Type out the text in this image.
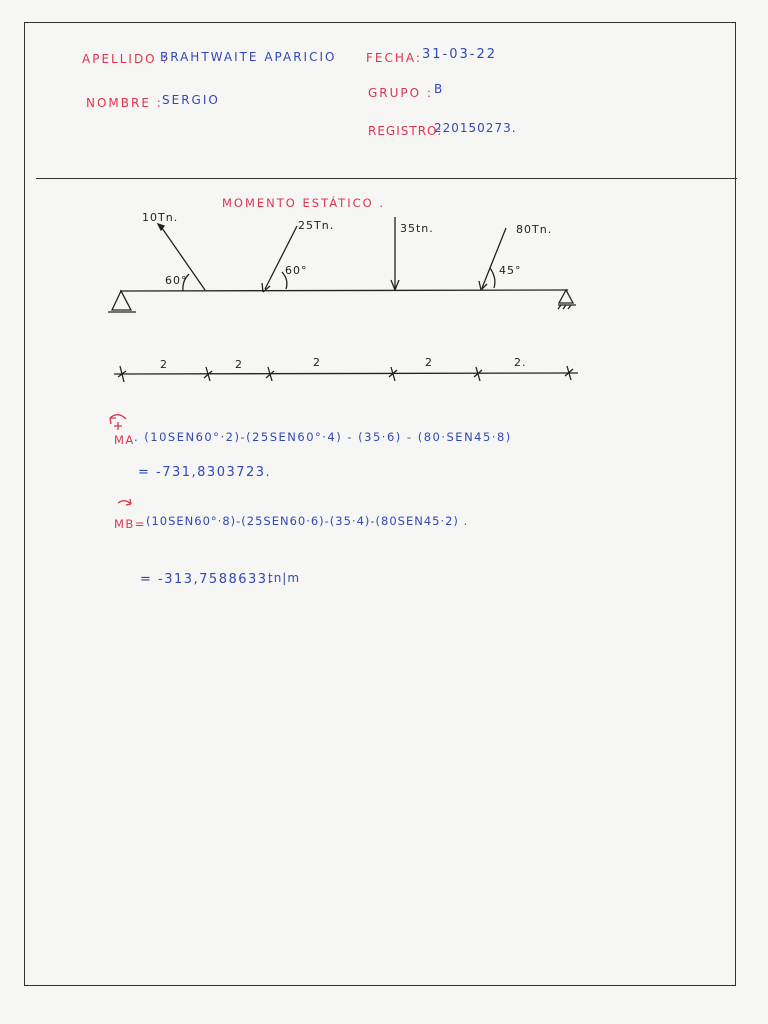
APELLIDO :
BRAHTWAITE APARICIO
NOMBRE : SERGIO
FECHA: 31-03-22
GRUPO : B
REGISTRO:
220150273.
MOMENTO ESTÁTICO .
10Tn.
25Tn.	35tn.	80Tn.
60°
60°	45°
2	2	2	2	2.
MA . (10SEN60°·2)-(25SEN60°·4) - (35·6) - (80·SEN45·8)
= -731,8303723.
MB= (10SEN60°·8)-(25SEN60·6)-(35·4)-(80SEN45·2) .
= -313,7588633.
tn|m
